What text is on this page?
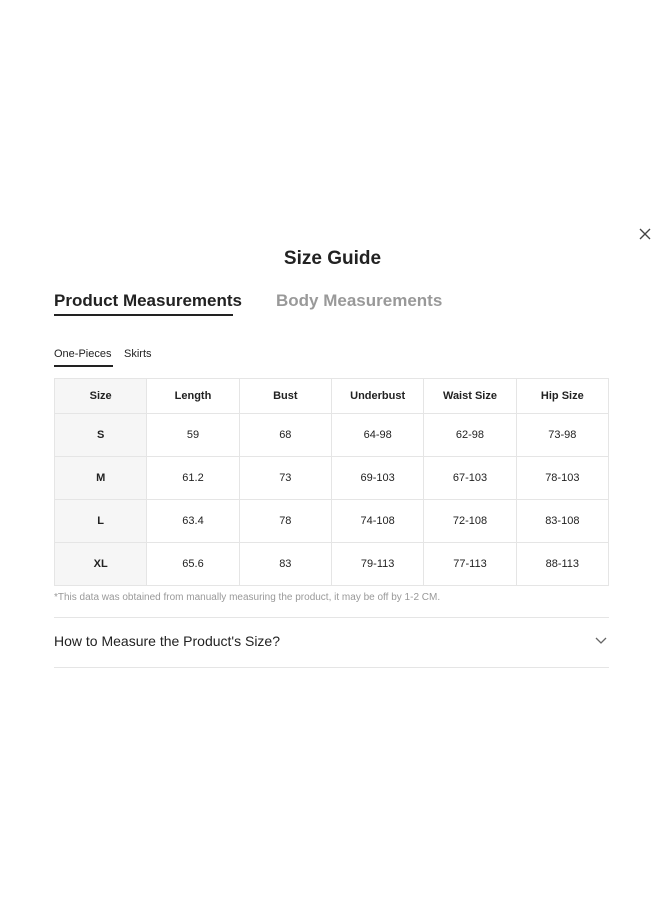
Size Guide
Product Measurements Body Measurements
One-Pieces Skirts
Size	Length	Bust	Underbust	Waist Size	Hip Size
S	59	68	64-98	62-98	73-98
M	61.2	73	69-103	67-103	78-103
L	63.4	78	74-108	72-108	83-108
XL	65.6	83	79-113	77-113	88-113
*This data was obtained from manually measuring the product, it may be off by 1-2 CM.
How to Measure the Product's Size?
